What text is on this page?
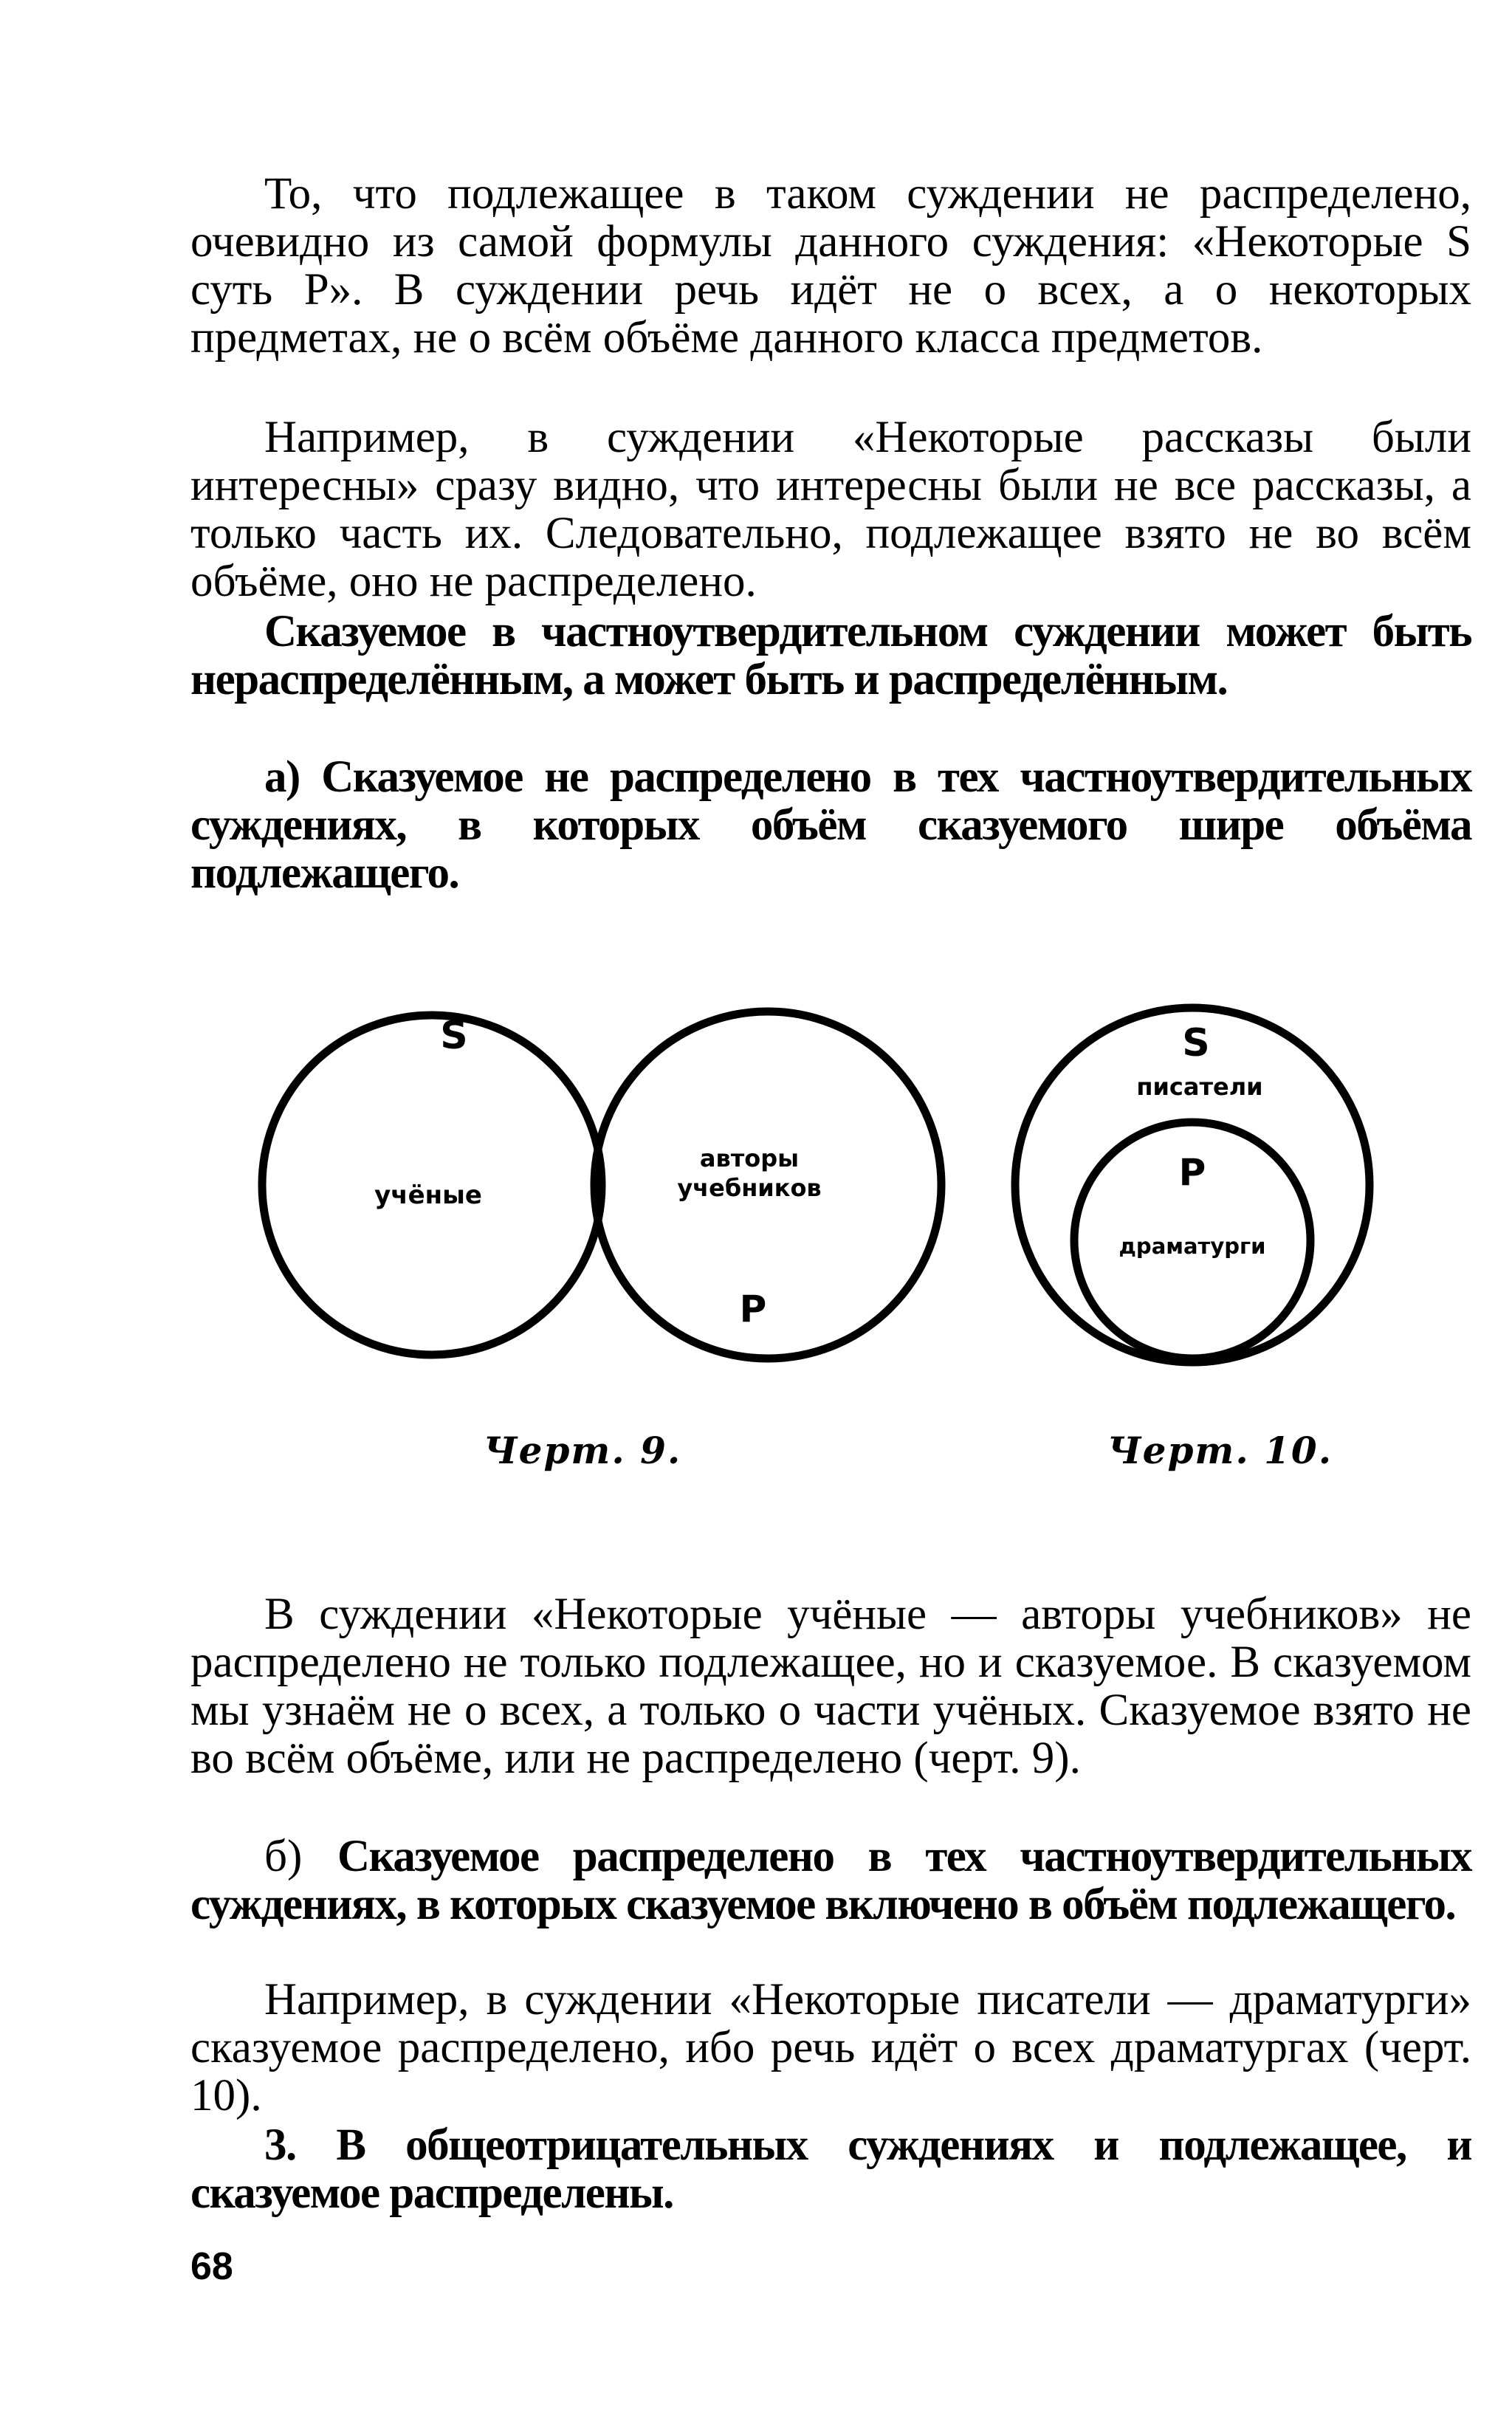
То, что подлежащее в таком суждении не распределено, очевидно из самой формулы данного суждения: «Некоторые S суть P». В суждении речь идёт не о всех, а о некоторых предметах, не о всём объёме данного класса предметов.

Например, в суждении «Некоторые рассказы были интересны» сразу видно, что интересны были не все рассказы, а только часть их. Следовательно, подлежащее взято не во всём объёме, оно не распределено.

Сказуемое в частноутвердительном суждении может быть нераспределённым, а может быть и распределённым.

а) Сказуемое не распределено в тех частноутвердительных суждениях, в которых объём сказуемого шире объёма подлежащего.

S
учёные
авторы
учебников
P
S
писатели
P
драматурги
Черт. 9.	Черт. 10.

В суждении «Некоторые учёные — авторы учебников» не распределено не только подлежащее, но и сказуемое. В сказуемом мы узнаём не о всех, а только о части учёных. Сказуемое взято не во всём объёме, или не распределено (черт. 9).

б) Сказуемое распределено в тех частноутвердительных суждениях, в которых сказуемое включено в объём подлежащего.

Например, в суждении «Некоторые писатели — драматурги» сказуемое распределено, ибо речь идёт о всех драматургах (черт. 10).

3. В общеотрицательных суждениях и подлежащее, и сказуемое распределены.

68
